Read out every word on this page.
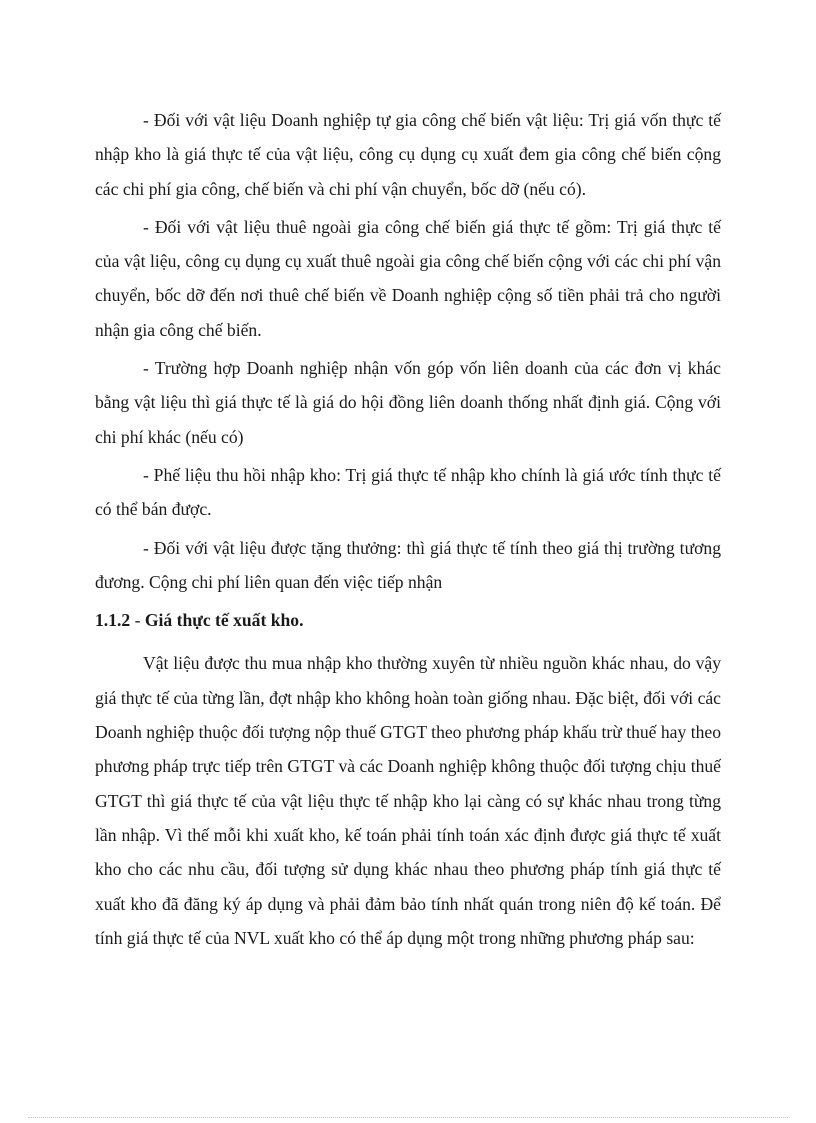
- Đối với vật liệu Doanh nghiệp tự gia công chế biến vật liệu: Trị giá vốn thực tế nhập kho là giá thực tế của vật liệu, công cụ dụng cụ xuất đem gia công chế biến cộng các chi phí gia công, chế biến và chi phí vận chuyển, bốc dỡ (nếu có).

- Đối với vật liệu thuê ngoài gia công chế biến giá thực tế gồm: Trị giá thực tế của vật liệu, công cụ dụng cụ xuất thuê ngoài gia công chế biến cộng với các chi phí vận chuyển, bốc dỡ đến nơi thuê chế biến về Doanh nghiệp cộng số tiền phải trả cho người nhận gia công chế biến.

- Trường hợp Doanh nghiệp nhận vốn góp vốn liên doanh của các đơn vị khác bằng vật liệu thì giá thực tế là giá do hội đồng liên doanh thống nhất định giá. Cộng với chi phí khác (nếu có)

- Phế liệu thu hồi nhập kho: Trị giá thực tế nhập kho chính là giá ước tính thực tế có thể bán được.

- Đối với vật liệu được tặng thưởng: thì giá thực tế tính theo giá thị trường tương đương. Cộng chi phí liên quan đến việc tiếp nhận

1.1.2 - Giá thực tế xuất kho.

Vật liệu được thu mua nhập kho thường xuyên từ nhiều nguồn khác nhau, do vậy giá thực tế của từng lần, đợt nhập kho không hoàn toàn giống nhau. Đặc biệt, đối với các Doanh nghiệp thuộc đối tượng nộp thuế GTGT theo phương pháp khấu trừ thuế hay theo phương pháp trực tiếp trên GTGT và các Doanh nghiệp không thuộc đối tượng chịu thuế GTGT thì giá thực tế của vật liệu thực tế nhập kho lại càng có sự khác nhau trong từng lần nhập. Vì thế mỗi khi xuất kho, kế toán phải tính toán xác định được giá thực tế xuất kho cho các nhu cầu, đối tượng sử dụng khác nhau theo phương pháp tính giá thực tế xuất kho đã đăng ký áp dụng và phải đảm bảo tính nhất quán trong niên độ kế toán. Để tính giá thực tế của NVL xuất kho có thể áp dụng một trong những phương pháp sau:
